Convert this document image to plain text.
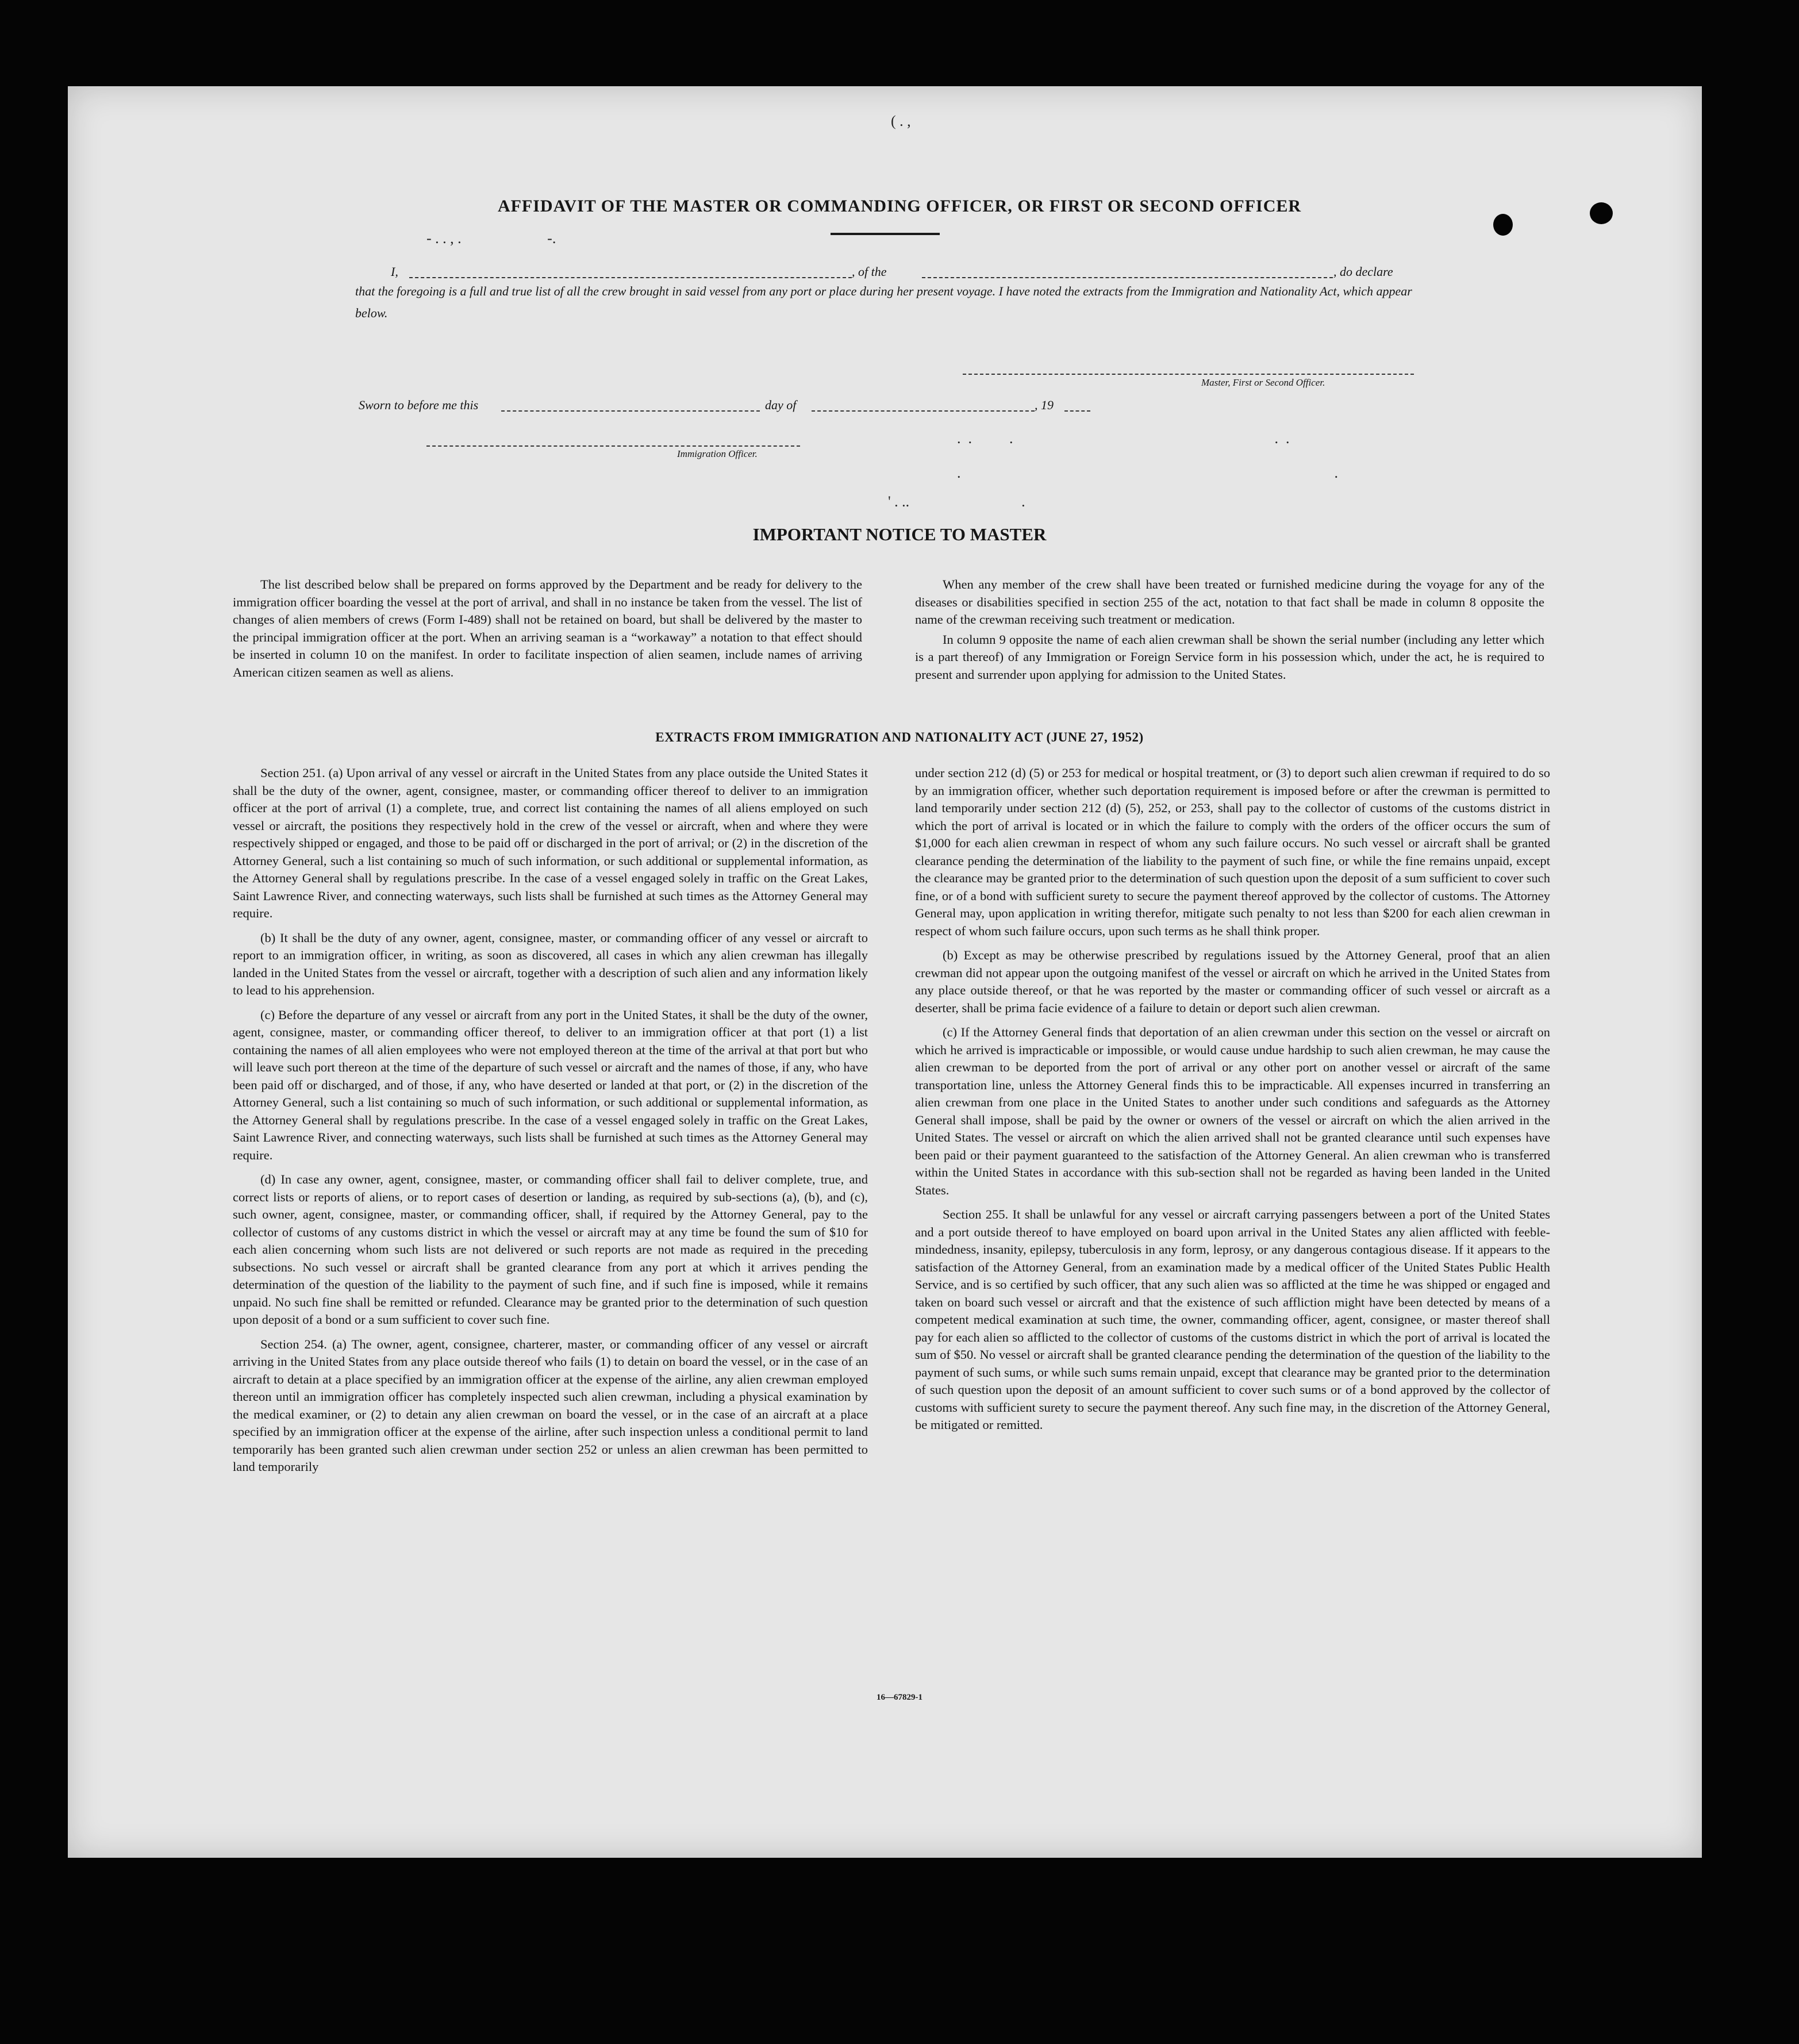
AFFIDAVIT OF THE MASTER OR COMMANDING OFFICER, OR FIRST OR SECOND OFFICER
I,	, of the	, do declare
that the foregoing is a full and true list of all the crew brought in said vessel from any port or place during her present voyage. I have noted the extracts from the Immigration and Nationality Act, which appear below.
Master, First or Second Officer.
Sworn to before me this	day of	, 19
Immigration Officer.
( . ,
- . . , .                       -.
.  .          .                                                                      .  .
.                                                                                                    .
' . ..                              .
IMPORTANT NOTICE TO MASTER

The list described below shall be prepared on forms approved by the Department and be ready for delivery to the immigration officer boarding the vessel at the port of arrival, and shall in no instance be taken from the vessel. The list of changes of alien members of crews (Form I-489) shall not be retained on board, but shall be delivered by the master to the principal immigration officer at the port. When an arriving seaman is a “workaway” a notation to that effect should be inserted in column 10 on the manifest. In order to facilitate inspection of alien seamen, include names of arriving American citizen seamen as well as aliens.

When any member of the crew shall have been treated or furnished medicine during the voyage for any of the diseases or disabilities specified in section 255 of the act, notation to that fact shall be made in column 8 opposite the name of the crewman receiving such treatment or medication.

In column 9 opposite the name of each alien crewman shall be shown the serial number (including any letter which is a part thereof) of any Immigration or Foreign Service form in his possession which, under the act, he is required to present and surrender upon applying for admission to the United States.

EXTRACTS FROM IMMIGRATION AND NATIONALITY ACT (JUNE 27, 1952)

Section 251. (a) Upon arrival of any vessel or aircraft in the United States from any place outside the United States it shall be the duty of the owner, agent, consignee, master, or commanding officer thereof to deliver to an immigration officer at the port of arrival (1) a complete, true, and correct list containing the names of all aliens employed on such vessel or aircraft, the positions they respectively hold in the crew of the vessel or aircraft, when and where they were respectively shipped or engaged, and those to be paid off or discharged in the port of arrival; or (2) in the discretion of the Attorney General, such a list containing so much of such information, or such additional or supplemental information, as the Attorney General shall by regulations prescribe. In the case of a vessel engaged solely in traffic on the Great Lakes, Saint Lawrence River, and connecting waterways, such lists shall be furnished at such times as the Attorney General may require.

(b) It shall be the duty of any owner, agent, consignee, master, or commanding officer of any vessel or aircraft to report to an immigration officer, in writing, as soon as discovered, all cases in which any alien crewman has illegally landed in the United States from the vessel or aircraft, together with a description of such alien and any information likely to lead to his apprehension.

(c) Before the departure of any vessel or aircraft from any port in the United States, it shall be the duty of the owner, agent, consignee, master, or commanding officer thereof, to deliver to an immigration officer at that port (1) a list containing the names of all alien employees who were not employed thereon at the time of the arrival at that port but who will leave such port thereon at the time of the departure of such vessel or aircraft and the names of those, if any, who have been paid off or discharged, and of those, if any, who have deserted or landed at that port, or (2) in the discretion of the Attorney General, such a list containing so much of such information, or such additional or supplemental information, as the Attorney General shall by regulations prescribe. In the case of a vessel engaged solely in traffic on the Great Lakes, Saint Lawrence River, and connecting waterways, such lists shall be furnished at such times as the Attorney General may require.

(d) In case any owner, agent, consignee, master, or commanding officer shall fail to deliver complete, true, and correct lists or reports of aliens, or to report cases of desertion or landing, as required by sub-sections (a), (b), and (c), such owner, agent, consignee, master, or commanding officer, shall, if required by the Attorney General, pay to the collector of customs of any customs district in which the vessel or aircraft may at any time be found the sum of $10 for each alien concerning whom such lists are not delivered or such reports are not made as required in the preceding subsections. No such vessel or aircraft shall be granted clearance from any port at which it arrives pending the determination of the question of the liability to the payment of such fine, and if such fine is imposed, while it remains unpaid. No such fine shall be remitted or refunded. Clearance may be granted prior to the determination of such question upon deposit of a bond or a sum sufficient to cover such fine.

Section 254. (a) The owner, agent, consignee, charterer, master, or commanding officer of any vessel or aircraft arriving in the United States from any place outside thereof who fails (1) to detain on board the vessel, or in the case of an aircraft to detain at a place specified by an immigration officer at the expense of the airline, any alien crewman employed thereon until an immigration officer has completely inspected such alien crewman, including a physical examination by the medical examiner, or (2) to detain any alien crewman on board the vessel, or in the case of an aircraft at a place specified by an immigration officer at the expense of the airline, after such inspection unless a conditional permit to land temporarily has been granted such alien crewman under section 252 or unless an alien crewman has been permitted to land temporarily

under section 212 (d) (5) or 253 for medical or hospital treatment, or (3) to deport such alien crewman if required to do so by an immigration officer, whether such deportation requirement is imposed before or after the crewman is permitted to land temporarily under section 212 (d) (5), 252, or 253, shall pay to the collector of customs of the customs district in which the port of arrival is located or in which the failure to comply with the orders of the officer occurs the sum of $1,000 for each alien crewman in respect of whom any such failure occurs. No such vessel or aircraft shall be granted clearance pending the determination of the liability to the payment of such fine, or while the fine remains unpaid, except the clearance may be granted prior to the determination of such question upon the deposit of a sum sufficient to cover such fine, or of a bond with sufficient surety to secure the payment thereof approved by the collector of customs. The Attorney General may, upon application in writing therefor, mitigate such penalty to not less than $200 for each alien crewman in respect of whom such failure occurs, upon such terms as he shall think proper.

(b) Except as may be otherwise prescribed by regulations issued by the Attorney General, proof that an alien crewman did not appear upon the outgoing manifest of the vessel or aircraft on which he arrived in the United States from any place outside thereof, or that he was reported by the master or commanding officer of such vessel or aircraft as a deserter, shall be prima facie evidence of a failure to detain or deport such alien crewman.

(c) If the Attorney General finds that deportation of an alien crewman under this section on the vessel or aircraft on which he arrived is impracticable or impossible, or would cause undue hardship to such alien crewman, he may cause the alien crewman to be deported from the port of arrival or any other port on another vessel or aircraft of the same transportation line, unless the Attorney General finds this to be impracticable. All expenses incurred in transferring an alien crewman from one place in the United States to another under such conditions and safeguards as the Attorney General shall impose, shall be paid by the owner or owners of the vessel or aircraft on which the alien arrived in the United States. The vessel or aircraft on which the alien arrived shall not be granted clearance until such expenses have been paid or their payment guaranteed to the satisfaction of the Attorney General. An alien crewman who is transferred within the United States in accordance with this sub-section shall not be regarded as having been landed in the United States.

Section 255. It shall be unlawful for any vessel or aircraft carrying passengers between a port of the United States and a port outside thereof to have employed on board upon arrival in the United States any alien afflicted with feeble-mindedness, insanity, epilepsy, tuberculosis in any form, leprosy, or any dangerous contagious disease. If it appears to the satisfaction of the Attorney General, from an examination made by a medical officer of the United States Public Health Service, and is so certified by such officer, that any such alien was so afflicted at the time he was shipped or engaged and taken on board such vessel or aircraft and that the existence of such affliction might have been detected by means of a competent medical examination at such time, the owner, commanding officer, agent, consignee, or master thereof shall pay for each alien so afflicted to the collector of customs of the customs district in which the port of arrival is located the sum of $50. No vessel or aircraft shall be granted clearance pending the determination of the question of the liability to the payment of such sums, or while such sums remain unpaid, except that clearance may be granted prior to the determination of such question upon the deposit of an amount sufficient to cover such sums or of a bond approved by the collector of customs with sufficient surety to secure the payment thereof. Any such fine may, in the discretion of the Attorney General, be mitigated or remitted.

16—67829-1
